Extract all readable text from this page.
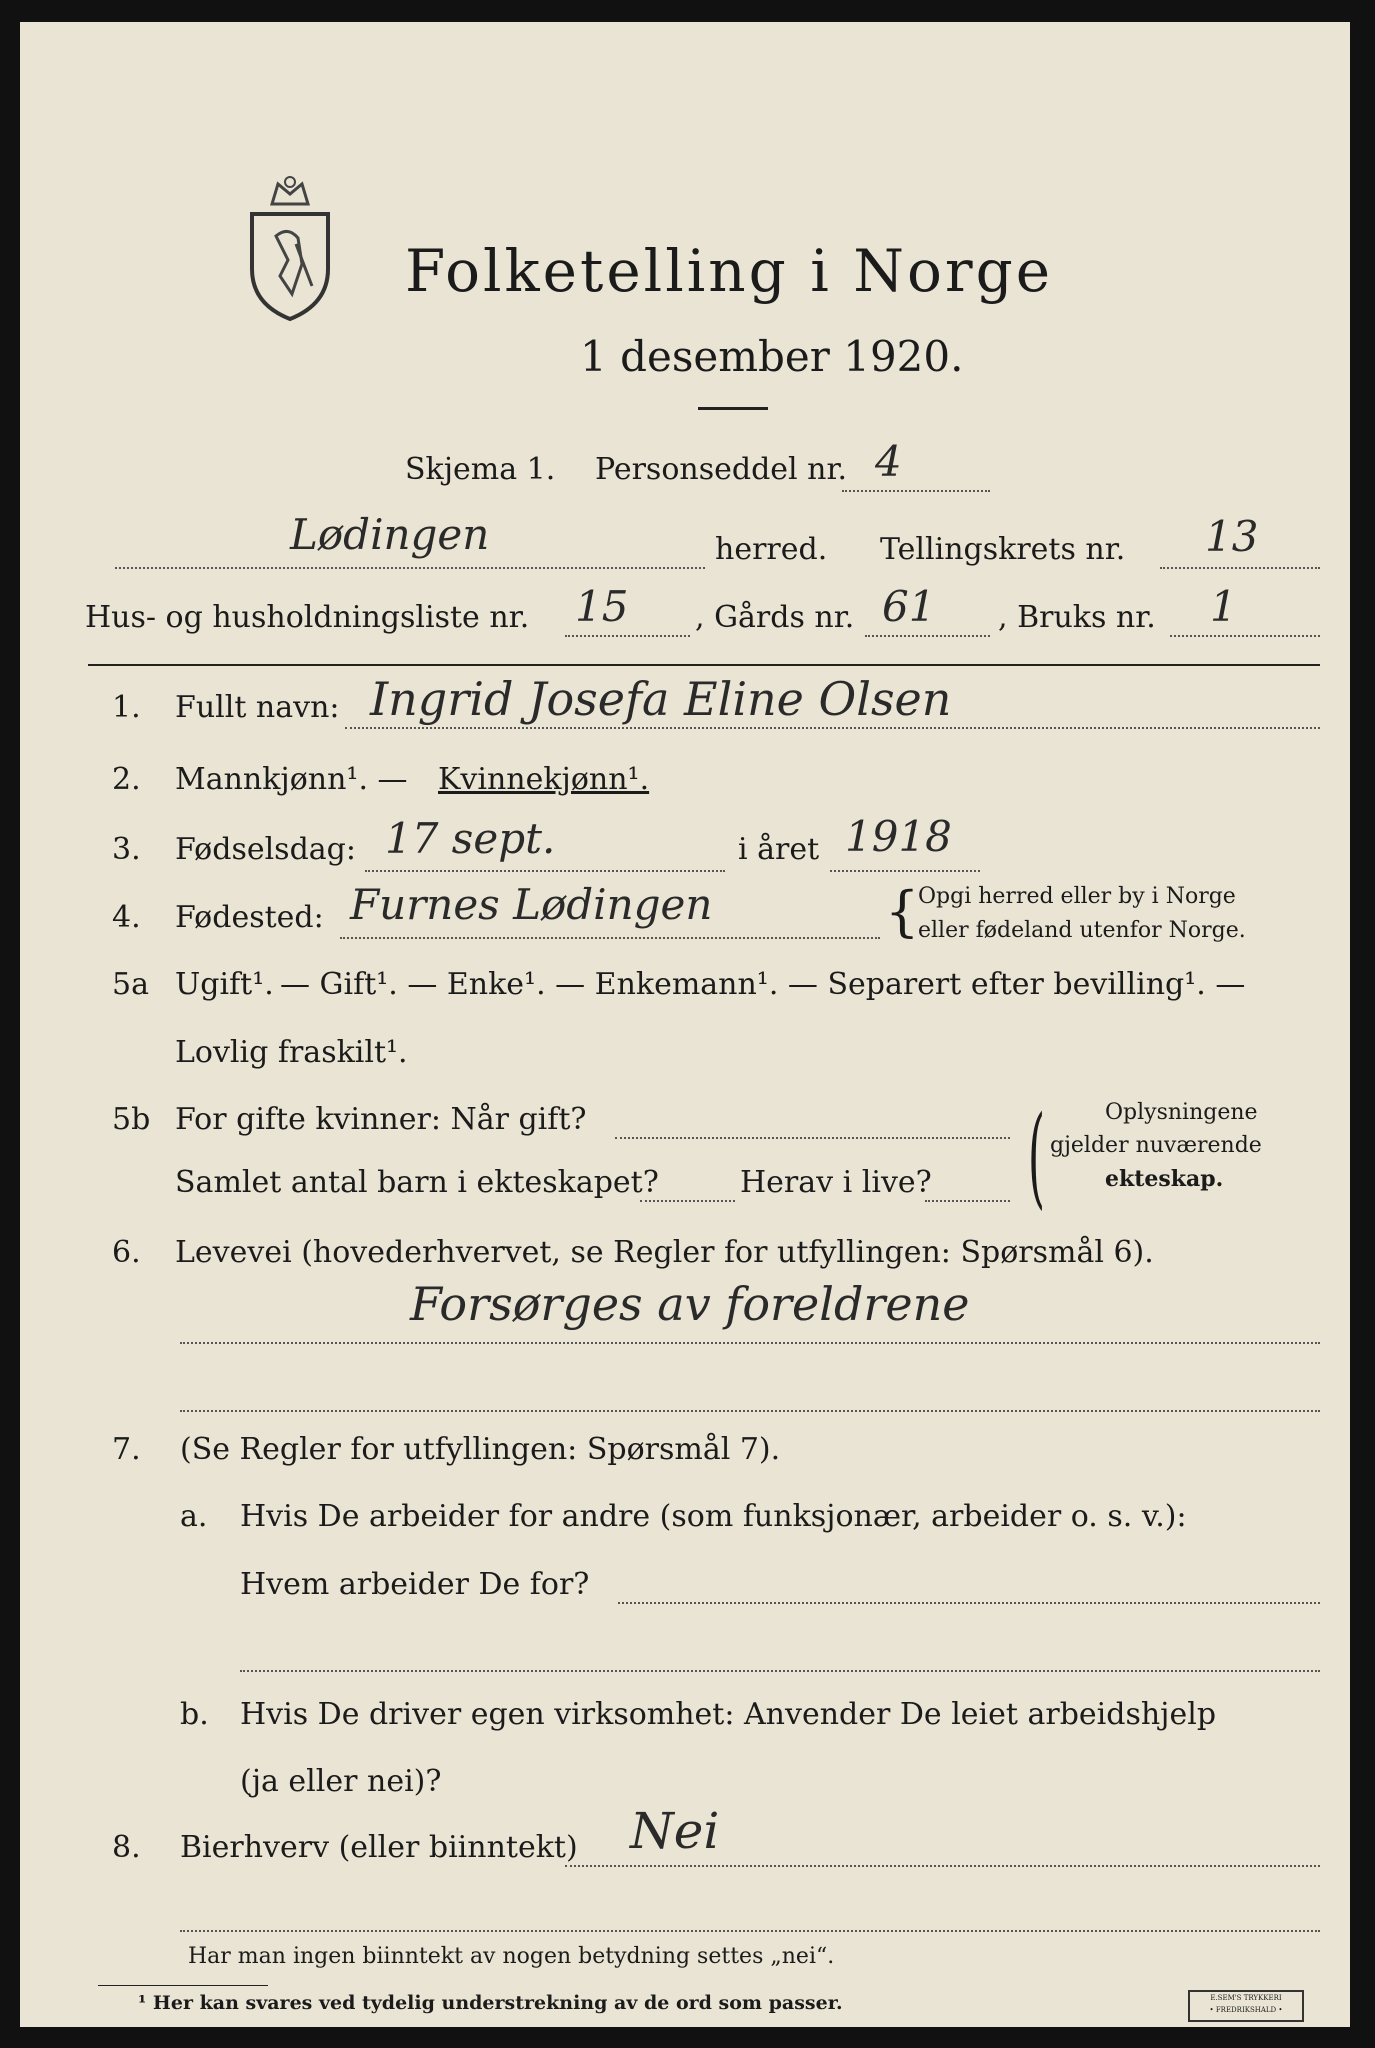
Folketelling i Norge
1 desember 1920.
Skjema 1. Personseddel nr. 4
Lødingen	herred. Tellingskrets nr. 13
Hus- og husholdningsliste nr. 15 , Gårds nr. 61 , Bruks nr. 1
1. Fullt navn: Ingrid Josefa Eline Olsen
2. Mannkjønn¹. — Kvinnekjønn¹.
3. Fødselsdag: 17 sept.	i året 1918
4. Fødested: Furnes Lødingen	{
Opgi herred eller by i Norge
eller fødeland utenfor Norge.
5a Ugift¹. — Gift¹. — Enke¹. — Enkemann¹. — Separert efter bevilling¹. —
Lovlig fraskilt¹.
5b For gifte kvinner: Når gift?
Samlet antal barn i ekteskapet?	Herav i live? (	Oplysningene
gjelder nuværende
ekteskap.
6. Levevei (hovederhvervet, se Regler for utfyllingen: Spørsmål 6).
Forsørges av foreldrene
7. (Se Regler for utfyllingen: Spørsmål 7).
a. Hvis De arbeider for andre (som funksjonær, arbeider o. s. v.):
Hvem arbeider De for?
b. Hvis De driver egen virksomhet: Anvender De leiet arbeidshjelp
(ja eller nei)?
8. Bierhverv (eller biinntekt) Nei
Har man ingen biinntekt av nogen betydning settes „nei“.
¹ Her kan svares ved tydelig understrekning av de ord som passer.	E.SEM'S TRYKKERI
• FREDRIKSHALD •
